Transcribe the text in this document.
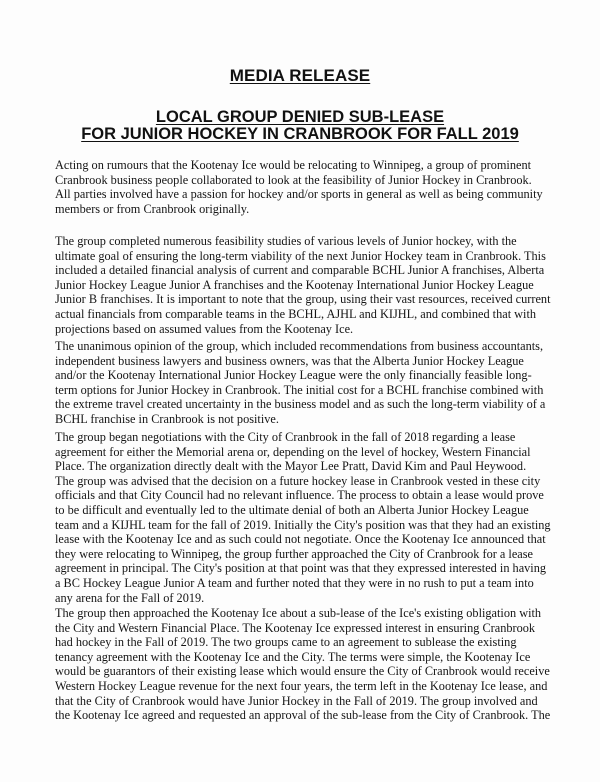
MEDIA RELEASE
LOCAL GROUP DENIED SUB-LEASE
FOR JUNIOR HOCKEY IN CRANBROOK FOR FALL 2019
Acting on rumours that the Kootenay Ice would be relocating to Winnipeg, a group of prominent
Cranbrook business people collaborated to look at the feasibility of Junior Hockey in Cranbrook.
All parties involved have a passion for hockey and/or sports in general as well as being community
members or from Cranbrook originally.
The group completed numerous feasibility studies of various levels of Junior hockey, with the
ultimate goal of ensuring the long-term viability of the next Junior Hockey team in Cranbrook. This
included a detailed financial analysis of current and comparable BCHL Junior A franchises, Alberta
Junior Hockey League Junior A franchises and the Kootenay International Junior Hockey League
Junior B franchises. It is important to note that the group, using their vast resources, received current
actual financials from comparable teams in the BCHL, AJHL and KIJHL, and combined that with
projections based on assumed values from the Kootenay Ice.
The unanimous opinion of the group, which included recommendations from business accountants,
independent business lawyers and business owners, was that the Alberta Junior Hockey League
and/or the Kootenay International Junior Hockey League were the only financially feasible long-
term options for Junior Hockey in Cranbrook. The initial cost for a BCHL franchise combined with
the extreme travel created uncertainty in the business model and as such the long-term viability of a
BCHL franchise in Cranbrook is not positive.
The group began negotiations with the City of Cranbrook in the fall of 2018 regarding a lease
agreement for either the Memorial arena or, depending on the level of hockey, Western Financial
Place. The organization directly dealt with the Mayor Lee Pratt, David Kim and Paul Heywood.
The group was advised that the decision on a future hockey lease in Cranbrook vested in these city
officials and that City Council had no relevant influence. The process to obtain a lease would prove
to be difficult and eventually led to the ultimate denial of both an Alberta Junior Hockey League
team and a KIJHL team for the fall of 2019. Initially the City's position was that they had an existing
lease with the Kootenay Ice and as such could not negotiate. Once the Kootenay Ice announced that
they were relocating to Winnipeg, the group further approached the City of Cranbrook for a lease
agreement in principal. The City's position at that point was that they expressed interested in having
a BC Hockey League Junior A team and further noted that they were in no rush to put a team into
any arena for the Fall of 2019.
The group then approached the Kootenay Ice about a sub-lease of the Ice's existing obligation with
the City and Western Financial Place. The Kootenay Ice expressed interest in ensuring Cranbrook
had hockey in the Fall of 2019. The two groups came to an agreement to sublease the existing
tenancy agreement with the Kootenay Ice and the City. The terms were simple, the Kootenay Ice
would be guarantors of their existing lease which would ensure the City of Cranbrook would receive
Western Hockey League revenue for the next four years, the term left in the Kootenay Ice lease, and
that the City of Cranbrook would have Junior Hockey in the Fall of 2019. The group involved and
the Kootenay Ice agreed and requested an approval of the sub-lease from the City of Cranbrook. The
